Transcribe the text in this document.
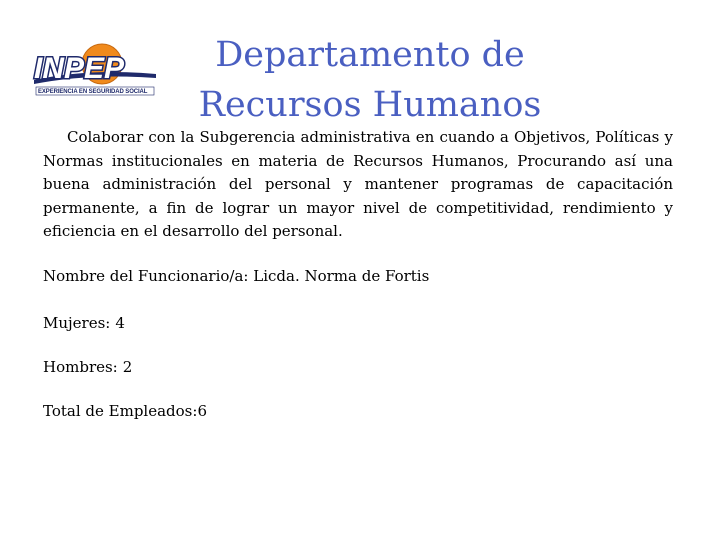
INPEP
EXPERIENCIA EN SEGURIDAD SOCIAL
Departamento de
Recursos Humanos

Colaborar con la Subgerencia administrativa en cuando a Objetivos, Políticas y Normas institucionales en materia de Recursos Humanos, Procurando así una buena administración del personal y mantener programas de capacitación permanente, a fin de lograr un mayor nivel de competitividad, rendimiento y eficiencia en el desarrollo del personal.

Nombre del Funcionario/a: Licda. Norma de Fortis

Mujeres: 4

Hombres: 2

Total de Empleados:6
